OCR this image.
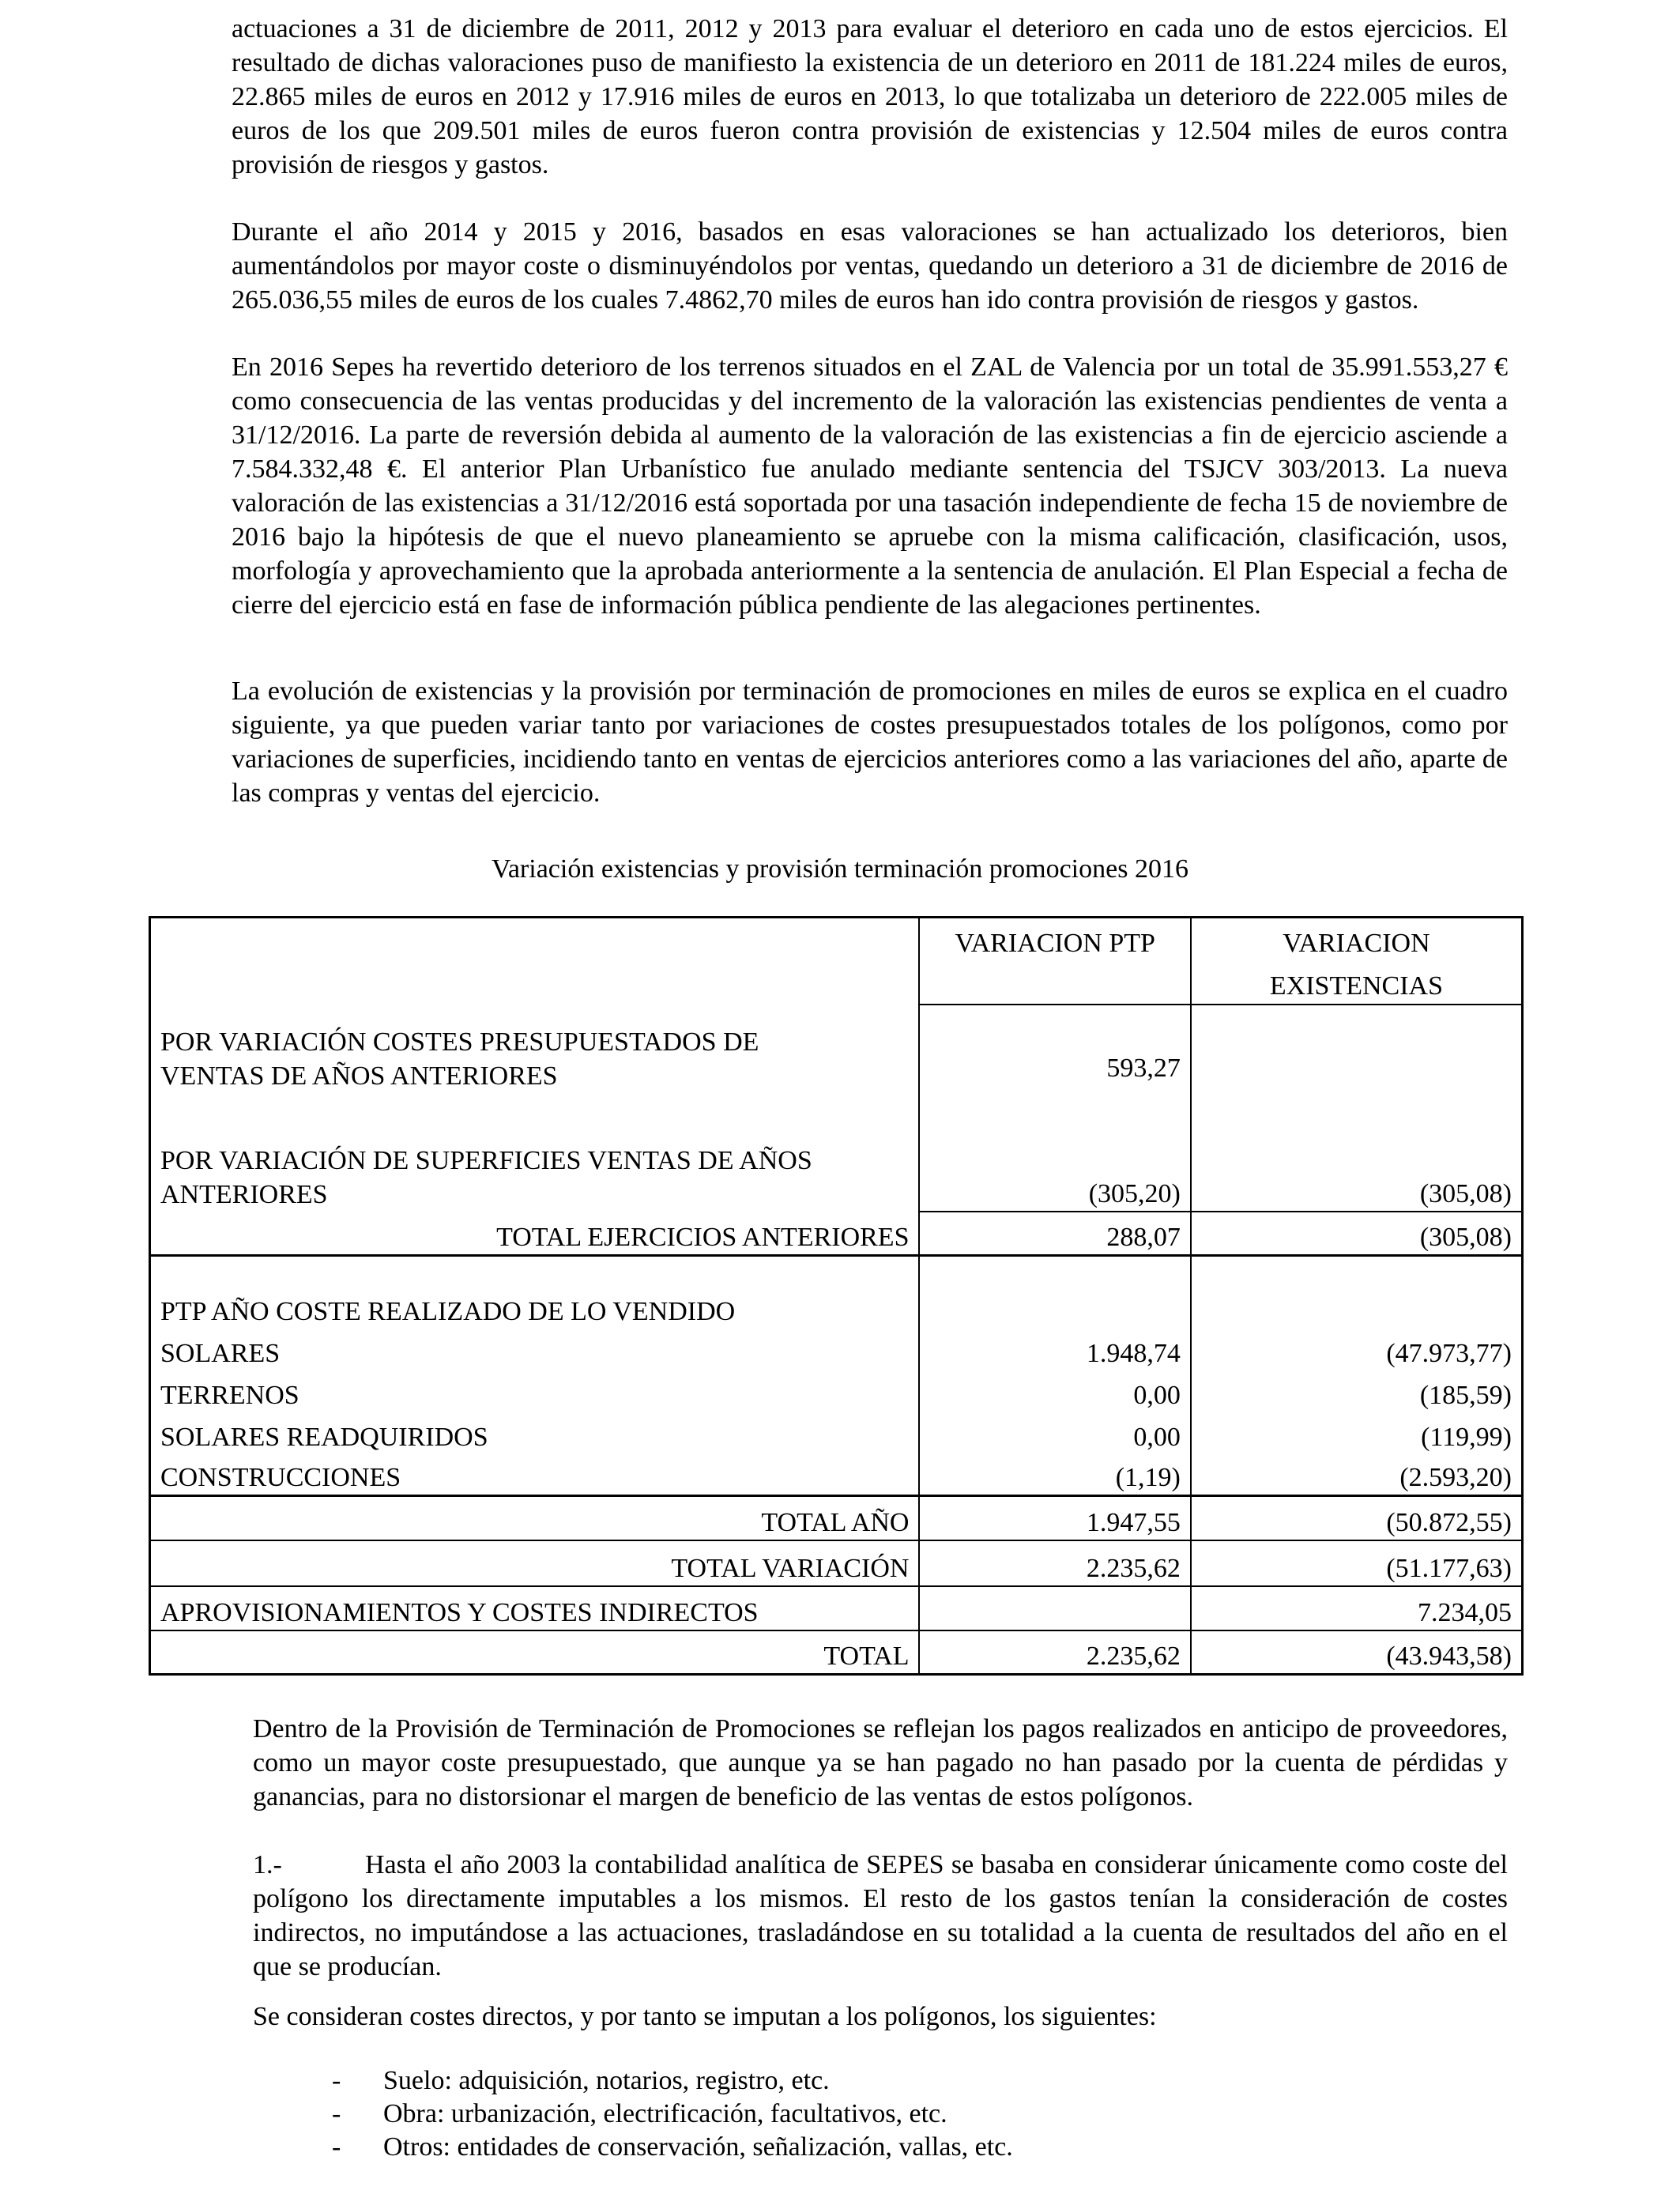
actuaciones a 31 de diciembre de 2011, 2012 y 2013 para evaluar el deterioro en cada uno de estos ejercicios. El resultado de dichas valoraciones puso de manifiesto la existencia de un deterioro en 2011 de 181.224 miles de euros, 22.865 miles de euros en 2012 y 17.916 miles de euros en 2013, lo que totalizaba un deterioro de 222.005 miles de euros de los que 209.501 miles de euros fueron contra provisión de existencias y 12.504 miles de euros contra provisión de riesgos y gastos.

Durante el año 2014 y 2015 y 2016, basados en esas valoraciones se han actualizado los deterioros, bien aumentándolos por mayor coste o disminuyéndolos por ventas, quedando un deterioro a 31 de diciembre de 2016 de 265.036,55 miles de euros de los cuales 7.4862,70 miles de euros han ido contra provisión de riesgos y gastos.

En 2016 Sepes ha revertido deterioro de los terrenos situados en el ZAL de Valencia por un total de 35.991.553,27 € como consecuencia de las ventas producidas y del incremento de la valoración las existencias pendientes de venta a 31/12/2016. La parte de reversión debida al aumento de la valoración de las existencias a fin de ejercicio asciende a 7.584.332,48 €. El anterior Plan Urbanístico fue anulado mediante sentencia del TSJCV 303/2013. La nueva valoración de las existencias a 31/12/2016 está soportada por una tasación independiente de fecha 15 de noviembre de 2016 bajo la hipótesis de que el nuevo planeamiento se apruebe con la misma calificación, clasificación, usos, morfología y aprovechamiento que la aprobada anteriormente a la sentencia de anulación. El Plan Especial a fecha de cierre del ejercicio está en fase de información pública pendiente de las alegaciones pertinentes.

La evolución de existencias y la provisión por terminación de promociones en miles de euros se explica en el cuadro siguiente, ya que pueden variar tanto por variaciones de costes presupuestados totales de los polígonos, como por variaciones de superficies, incidiendo tanto en ventas de ejercicios anteriores como a las variaciones del año, aparte de las compras y ventas del ejercicio.

Variación existencias y provisión terminación promociones 2016

	VARIACION PTP	VARIACION
EXISTENCIAS

POR VARIACIÓN COSTES PRESUPUESTADOS DE
VENTAS DE AÑOS ANTERIORES	593,27	

POR VARIACIÓN DE SUPERFICIES VENTAS DE AÑOS
ANTERIORES	(305,20)	(305,08)
TOTAL EJERCICIOS ANTERIORES	288,07	(305,08)
PTP AÑO COSTE REALIZADO DE LO VENDIDO		
SOLARES	1.948,74	(47.973,77)
TERRENOS	0,00	(185,59)
SOLARES READQUIRIDOS	0,00	(119,99)
CONSTRUCCIONES	(1,19)	(2.593,20)
TOTAL AÑO	1.947,55	(50.872,55)
TOTAL VARIACIÓN	2.235,62	(51.177,63)
APROVISIONAMIENTOS Y COSTES INDIRECTOS		7.234,05
TOTAL	2.235,62	(43.943,58)

Dentro de la Provisión de Terminación de Promociones se reflejan los pagos realizados en anticipo de proveedores, como un mayor coste presupuestado, que aunque ya se han pagado no han pasado por la cuenta de pérdidas y ganancias, para no distorsionar el margen de beneficio de las ventas de estos polígonos.

1.-	Hasta el año 2003 la contabilidad analítica de SEPES se basaba en considerar únicamente como coste del polígono los directamente imputables a los mismos. El resto de los gastos tenían la consideración de costes indirectos, no imputándose a las actuaciones, trasladándose en su totalidad a la cuenta de resultados del año en el que se producían.

Se consideran costes directos, y por tanto se imputan a los polígonos, los siguientes:

- Suelo: adquisición, notarios, registro, etc.
- Obra: urbanización, electrificación, facultativos, etc.
- Otros: entidades de conservación, señalización, vallas, etc.
